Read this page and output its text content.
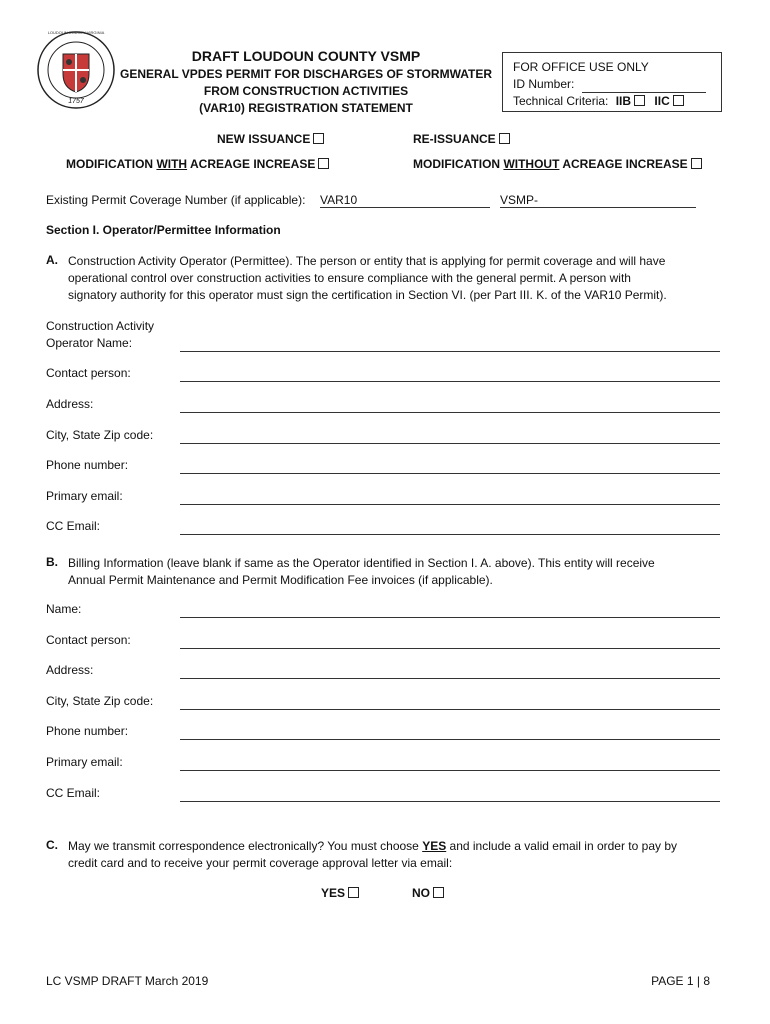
LOUDOUN COUNTY VIRGINIA
1757
DRAFT LOUDOUN COUNTY VSMP
GENERAL VPDES PERMIT FOR DISCHARGES OF STORMWATER
FROM CONSTRUCTION ACTIVITIES
(VAR10) REGISTRATION STATEMENT
FOR OFFICE USE ONLY
ID Number:
Technical Criteria: IIB IIC
NEW ISSUANCE	RE-ISSUANCE
MODIFICATION WITH ACREAGE INCREASE	MODIFICATION WITHOUT ACREAGE INCREASE
Existing Permit Coverage Number (if applicable): VAR10	VSMP-
Section I. Operator/Permittee Information
A. Construction Activity Operator (Permittee). The person or entity that is applying for permit coverage and will have
operational control over construction activities to ensure compliance with the general permit. A person with
signatory authority for this operator must sign the certification in Section VI. (per Part III. K. of the VAR10 Permit).
Construction Activity
Operator Name:
Contact person:
Address:
City, State Zip code:
Phone number:
Primary email:
CC Email:
B. Billing Information (leave blank if same as the Operator identified in Section I. A. above). This entity will receive
Annual Permit Maintenance and Permit Modification Fee invoices (if applicable).
Name:
Contact person:
Address:
City, State Zip code:
Phone number:
Primary email:
CC Email:
C. May we transmit correspondence electronically? You must choose YES and include a valid email in order to pay by
credit card and to receive your permit coverage approval letter via email:
YES	NO
LC VSMP DRAFT March 2019	PAGE 1 | 8
